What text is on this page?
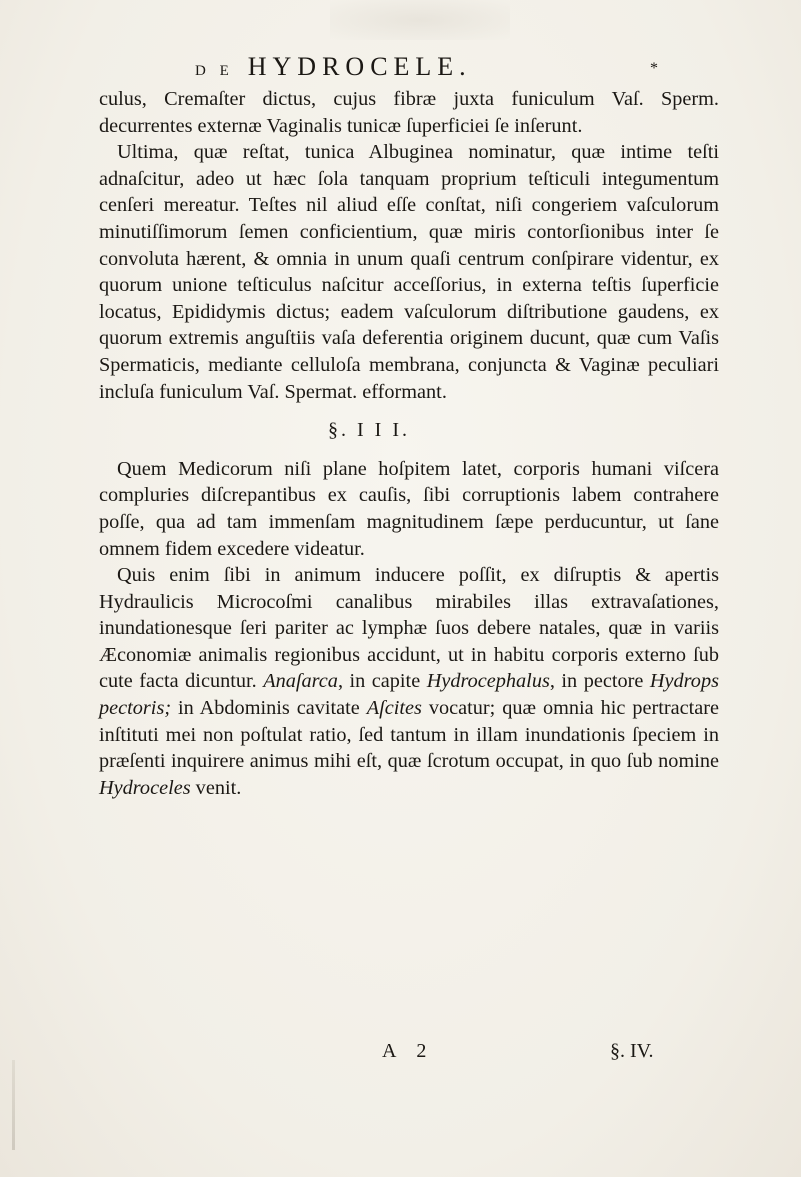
D E HYDROCELE.	*

culus, Cremaſter dictus, cujus fibræ juxta funiculum Vaſ. Sperm. decurrentes externæ Vaginalis tunicæ ſuperficiei ſe inſerunt.

Ultima, quæ reſtat, tunica Albuginea nominatur, quæ intime teſti adnaſcitur, adeo ut hæc ſola tanquam proprium teſticuli integumentum cenſeri mereatur. Teſtes nil aliud eſſe conſtat, niſi congeriem vaſculorum minutiſſimorum ſemen conficientium, quæ miris contorſionibus inter ſe convoluta hærent, & omnia in unum quaſi centrum conſpirare videntur, ex quorum unione teſticulus naſcitur acceſſorius, in externa teſtis ſuperficie locatus, Epididymis dictus; eadem vaſculorum diſtributione gaudens, ex quorum extremis anguſtiis vaſa deferentia originem ducunt, quæ cum Vaſis Spermaticis, mediante celluloſa membrana, conjuncta & Vaginæ peculiari incluſa funiculum Vaſ. Spermat. efformant.

§. I I I.

Quem Medicorum niſi plane hoſpitem latet, corporis humani viſcera compluries diſcrepantibus ex cauſis, ſibi corruptionis labem contrahere poſſe, qua ad tam immenſam magnitudinem ſæpe perducuntur, ut ſane omnem fidem excedere videatur.

Quis enim ſibi in animum inducere poſſit, ex diſruptis & apertis Hydraulicis Microcoſmi canalibus mirabiles illas extravaſationes, inundationesque ſeri pariter ac lymphæ ſuos debere natales, quæ in variis Æconomiæ animalis regionibus accidunt, ut in habitu corporis externo ſub cute facta dicuntur. Anaſarca, in capite Hydrocephalus, in pectore Hydrops pectoris; in Abdominis cavitate Aſcites vocatur; quæ omnia hic pertractare inſtituti mei non poſtulat ratio, ſed tantum in illam inundationis ſpeciem in præſenti inquirere animus mihi eſt, quæ ſcrotum occupat, in quo ſub nomine Hydroceles venit.

A 2	§. IV.
